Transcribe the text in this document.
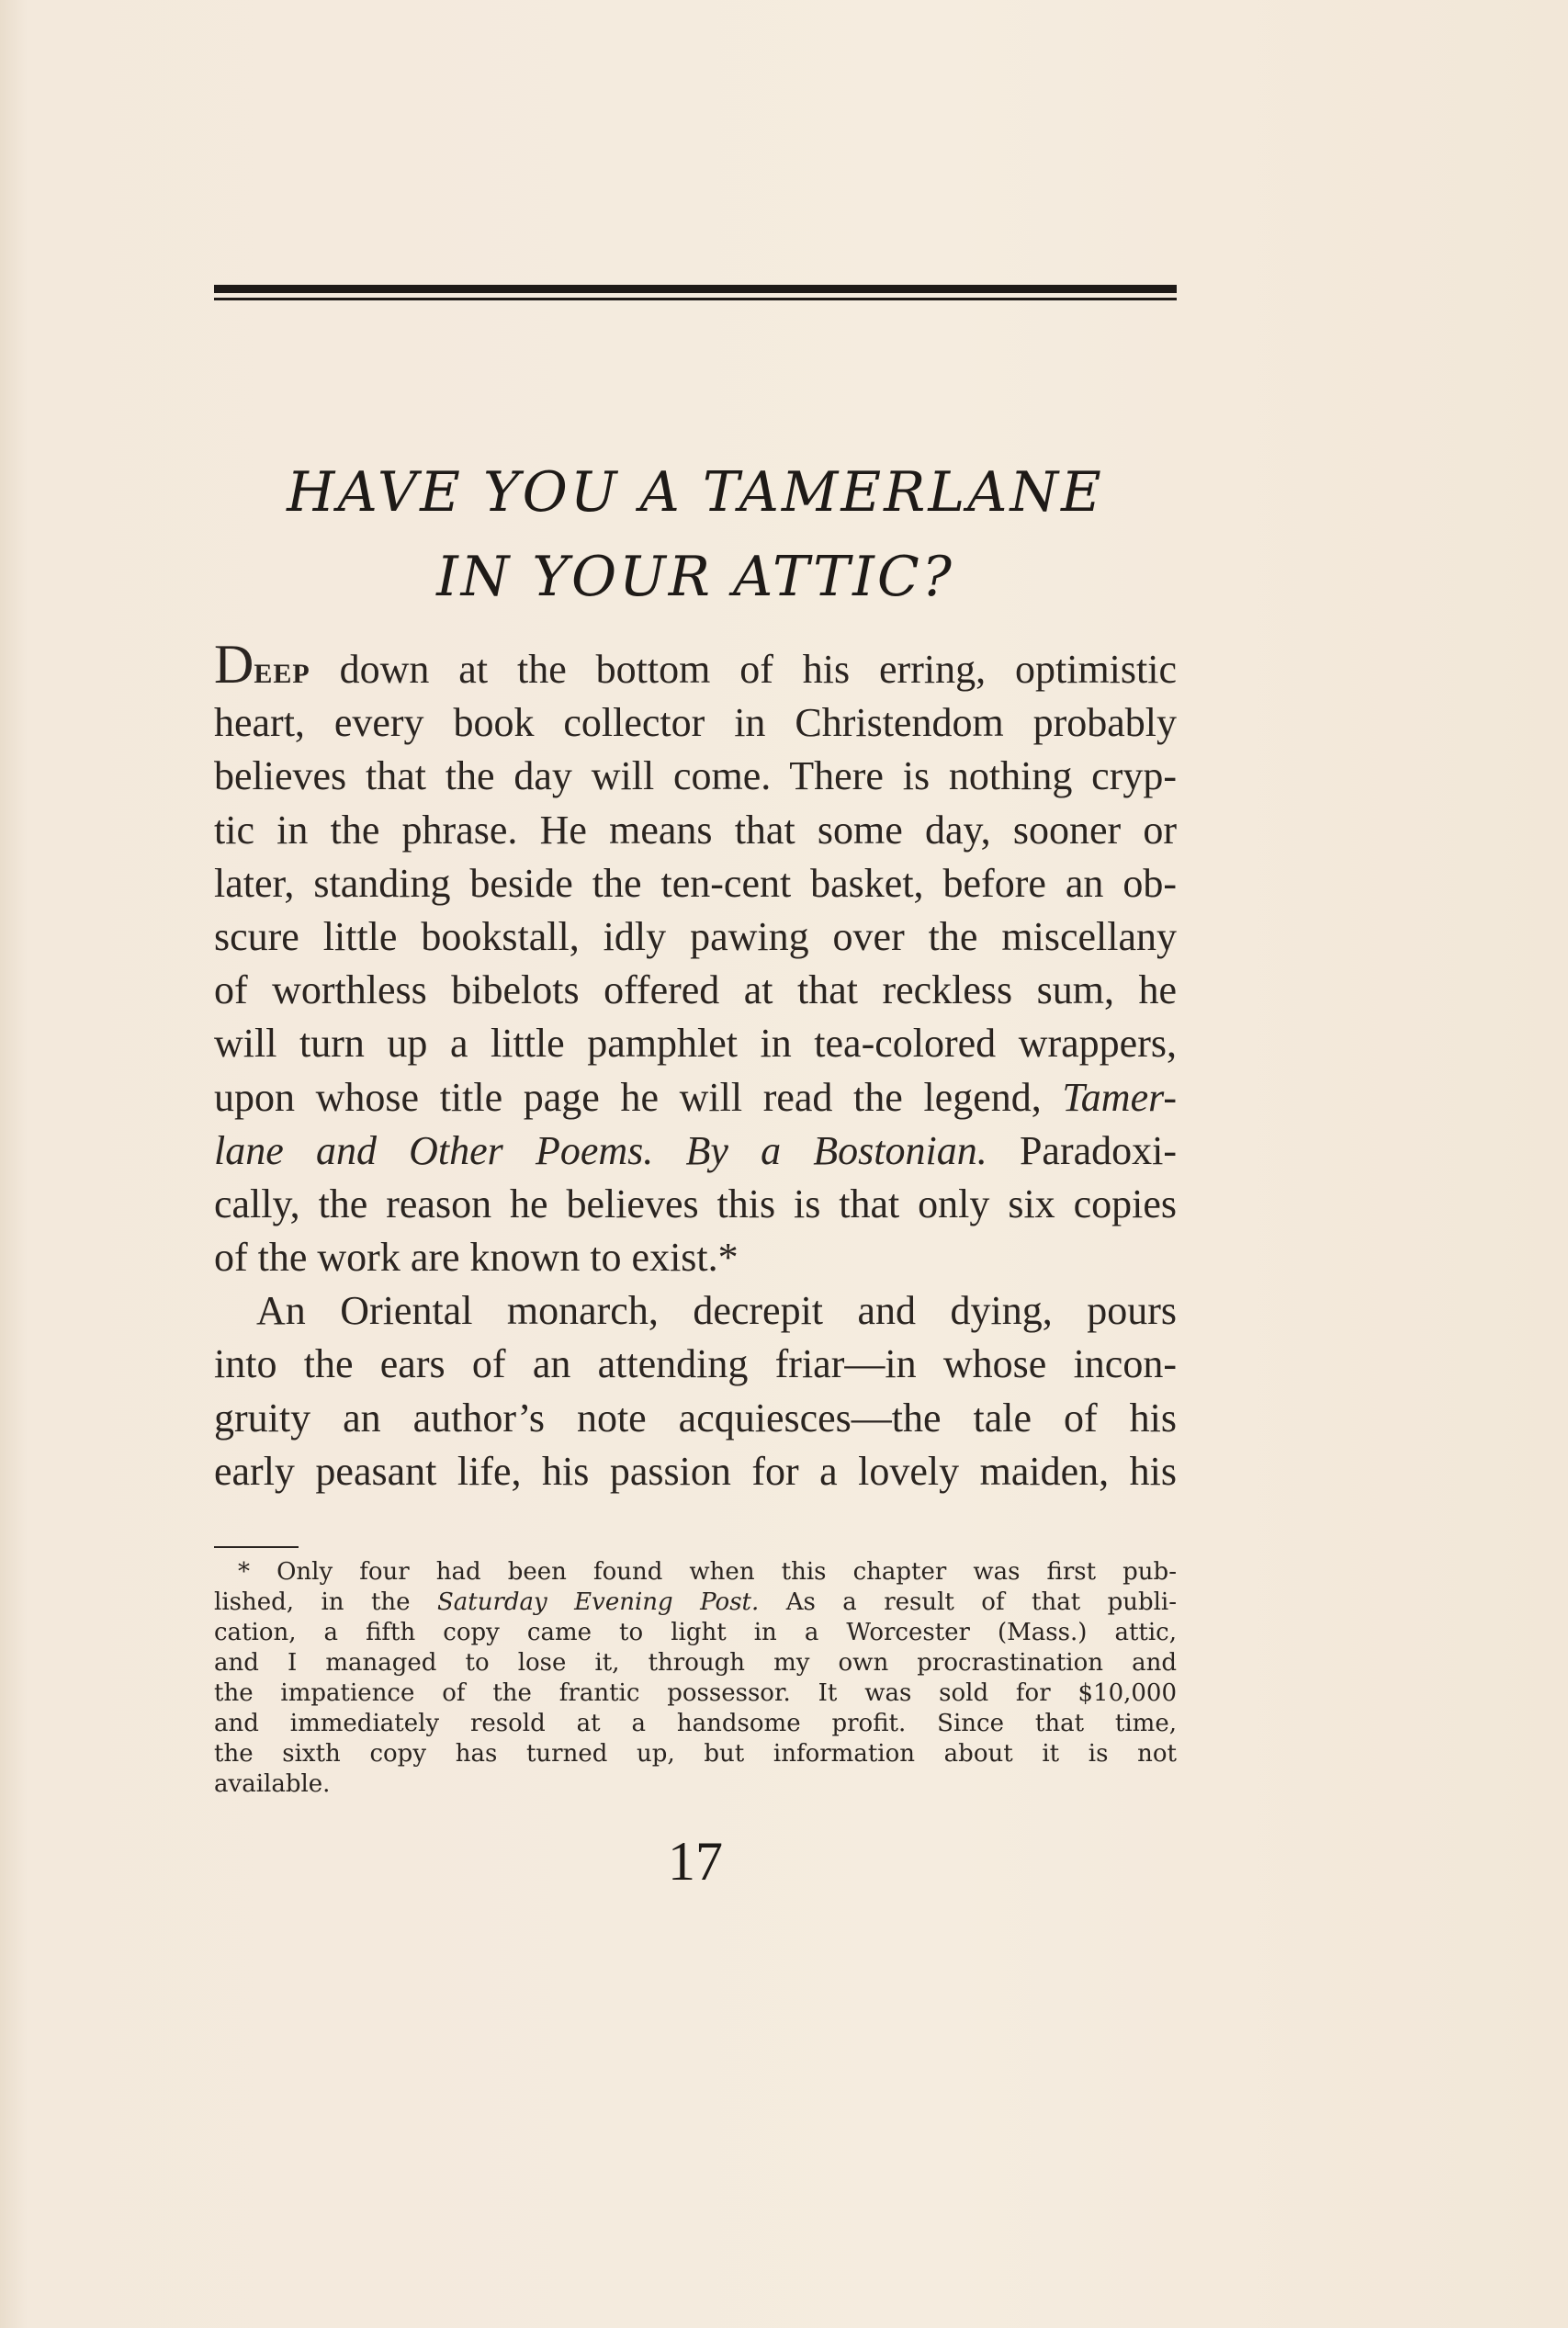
HAVE YOU A TAMERLANE
IN YOUR ATTIC?
DEEP down at the bottom of his erring, optimistic
heart, every book collector in Christendom probably
believes that the day will come. There is nothing cryp-
tic in the phrase. He means that some day, sooner or
later, standing beside the ten-cent basket, before an ob-
scure little bookstall, idly pawing over the miscellany
of worthless bibelots offered at that reckless sum, he
will turn up a little pamphlet in tea-colored wrappers,
upon whose title page he will read the legend, Tamer-
lane and Other Poems. By a Bostonian. Paradoxi-
cally, the reason he believes this is that only six copies
of the work are known to exist.*
An Oriental monarch, decrepit and dying, pours
into the ears of an attending friar—in whose incon-
gruity an author’s note acquiesces—the tale of his
early peasant life, his passion for a lovely maiden, his
* Only four had been found when this chapter was first pub-
lished, in the Saturday Evening Post. As a result of that publi-
cation, a fifth copy came to light in a Worcester (Mass.) attic,
and I managed to lose it, through my own procrastination and
the impatience of the frantic possessor. It was sold for $10,000
and immediately resold at a handsome profit. Since that time,
the sixth copy has turned up, but information about it is not
available.
17
